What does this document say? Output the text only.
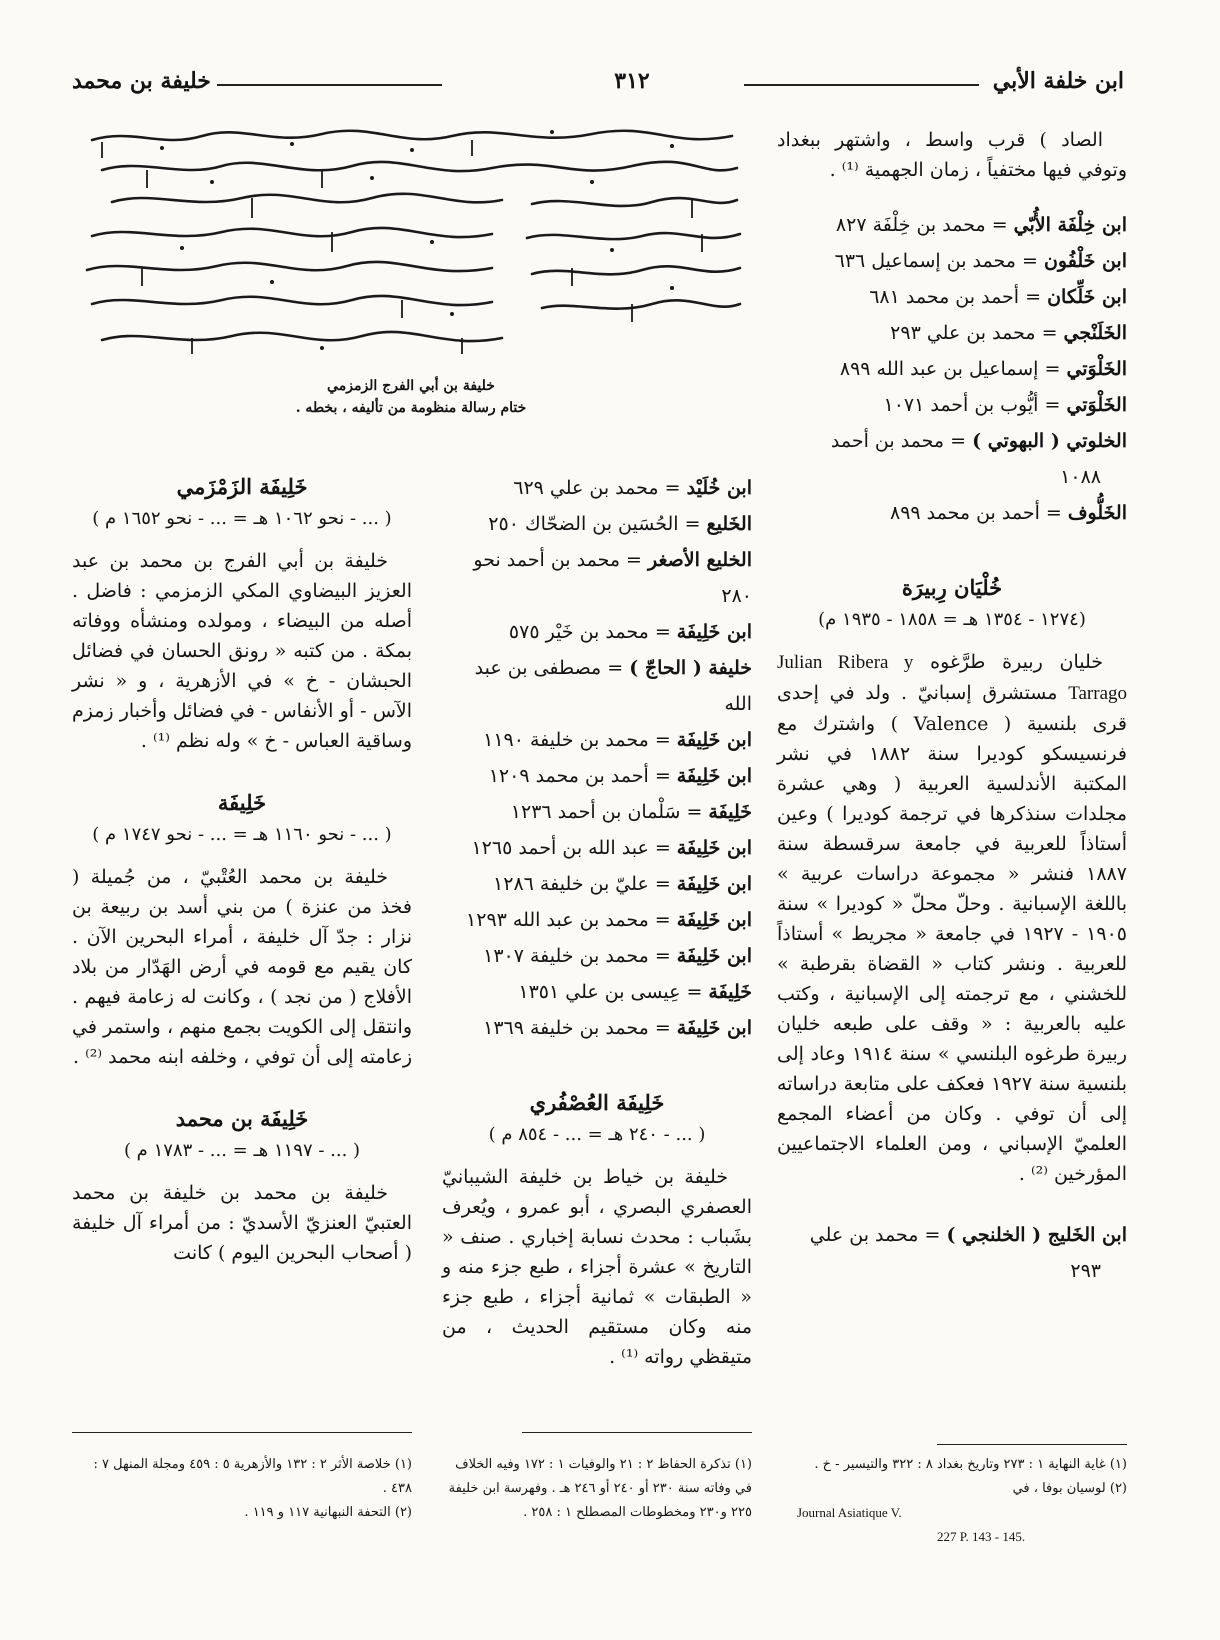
ابن خلفة الأبي
٣١٢
خليفة بن محمد
خليفة بن أبي الفرج الزمزمي
ختام رسالة منظومة من تأليفه ، بخطه .

الصاد ) قرب واسط ، واشتهر ببغداد وتوفي فيها مختفياً ، زمان الجهمية ⁽¹⁾ .

ابن خِلْفَة الأُبّي = محمد بن خِلْفَة ٨٢٧
ابن خَلْفُون = محمد بن إسماعيل ٦٣٦
ابن خَلِّكان = أحمد بن محمد ٦٨١
الخَلَنْجي = محمد بن علي ٢٩٣
الخَلْوَتي = إسماعيل بن عبد الله ٨٩٩
الخَلْوَتي = أيُّوب بن أحمد ١٠٧١
الخلوتي ( البهوتي ) = محمد بن أحمد
١٠٨٨
الخَلُّوف = أحمد بن محمد ٨٩٩
خُلْيَان رِبيرَة
(١٢٧٤ - ١٣٥٤ هـ = ١٨٥٨ - ١٩٣٥ م)

خليان ربيرة طرَّغوه Julian Ribera y Tarrago مستشرق إسبانيّ . ولد في إحدى قرى بلنسية ( Valence ) واشترك مع فرنسيسكو كوديرا سنة ١٨٨٢ في نشر المكتبة الأندلسية العربية ( وهي عشرة مجلدات سنذكرها في ترجمة كوديرا ) وعين أستاذاً للعربية في جامعة سرقسطة سنة ١٨٨٧ فنشر « مجموعة دراسات عربية » باللغة الإسبانية . وحلّ محلّ « كوديرا » سنة ١٩٠٥ - ١٩٢٧ في جامعة « مجريط » أستاذاً للعربية . ونشر كتاب « القضاة بقرطبة » للخشني ، مع ترجمته إلى الإسبانية ، وكتب عليه بالعربية : « وقف على طبعه خليان ربيرة طرغوه البلنسي » سنة ١٩١٤ وعاد إلى بلنسية سنة ١٩٢٧ فعكف على متابعة دراساته إلى أن توفي . وكان من أعضاء المجمع العلميّ الإسباني ، ومن العلماء الاجتماعيين المؤرخين ⁽²⁾ .

ابن الخَليج ( الخلنجي ) = محمد بن علي
٢٩٣
ابن خُلَيْد = محمد بن علي ٦٢٩
الخَليع = الحُسَين بن الضحّاك ٢٥٠
الخليع الأصغر = محمد بن أحمد نحو ٢٨٠
ابن خَلِيفَة = محمد بن خَيْر ٥٧٥
خليفة ( الحاجّ ) = مصطفى بن عبد الله
ابن خَلِيفَة = محمد بن خليفة ١١٩٠
ابن خَلِيفَة = أحمد بن محمد ١٢٠٩
خَلِيفَة = سَلْمان بن أحمد ١٢٣٦
ابن خَلِيفَة = عبد الله بن أحمد ١٢٦٥
ابن خَلِيفَة = عليّ بن خليفة ١٢٨٦
ابن خَلِيفَة = محمد بن عبد الله ١٢٩٣
ابن خَلِيفَة = محمد بن خليفة ١٣٠٧
خَلِيفَة = عِيسى بن علي ١٣٥١
ابن خَلِيفَة = محمد بن خليفة ١٣٦٩
خَلِيفَة العُصْفُري
( ... - ٢٤٠ هـ = ... - ٨٥٤ م )

خليفة بن خياط بن خليفة الشيبانيّ العصفري البصري ، أبو عمرو ، ويُعرف بشَباب : محدث نسابة إخباري . صنف « التاريخ » عشرة أجزاء ، طبع جزء منه و « الطبقات » ثمانية أجزاء ، طبع جزء منه وكان مستقيم الحديث ، من متيقظي رواته ⁽¹⁾ .

خَلِيفَة الزَمْزَمي
( ... - نحو ١٠٦٢ هـ = ... - نحو ١٦٥٢ م )

خليفة بن أبي الفرج بن محمد بن عبد العزيز البيضاوي المكي الزمزمي : فاضل . أصله من البيضاء ، ومولده ومنشأه ووفاته بمكة . من كتبه « رونق الحسان في فضائل الحبشان - خ » في الأزهرية ، و « نشر الآس - أو الأنفاس - في فضائل وأخبار زمزم وساقية العباس - خ » وله نظم ⁽¹⁾ .

خَلِيفَة
( ... - نحو ١١٦٠ هـ = ... - نحو ١٧٤٧ م )

خليفة بن محمد العُتْبيّ ، من جُميلة ( فخذ من عنزة ) من بني أسد بن ربيعة بن نزار : جدّ آل خليفة ، أمراء البحرين الآن . كان يقيم مع قومه في أرض الهَدّار من بلاد الأفلاج ( من نجد ) ، وكانت له زعامة فيهم . وانتقل إلى الكويت بجمع منهم ، واستمر في زعامته إلى أن توفي ، وخلفه ابنه محمد ⁽²⁾ .

خَلِيفَة بن محمد
( ... - ١١٩٧ هـ = ... - ١٧٨٣ م )

خليفة بن محمد بن خليفة بن محمد العتبيّ العنزيّ الأسديّ : من أمراء آل خليفة ( أصحاب البحرين اليوم ) كانت

(١) غاية النهاية ١ : ٢٧٣ وتاريخ بغداد ٨ : ٣٢٢ والتيسير - خ .
(٢) لوسيان بوفا ، في
Journal Asiatique V.
227 P. 143 - 145.
(١) تذكرة الحفاظ ٢ : ٢١ والوفيات ١ : ١٧٢ وفيه الخلاف في وفاته سنة ٢٣٠ أو ٢٤٠ أو ٢٤٦ هـ . وفهرسة ابن خليفة ٢٢٥ و٢٣٠ ومخطوطات المصطلح ١ : ٢٥٨ .
(١) خلاصة الأثر ٢ : ١٣٢ والأزهرية ٥ : ٤٥٩ ومجلة المنهل ٧ : ٤٣٨ .
(٢) التحفة النبهانية ١١٧ و ١١٩ .
